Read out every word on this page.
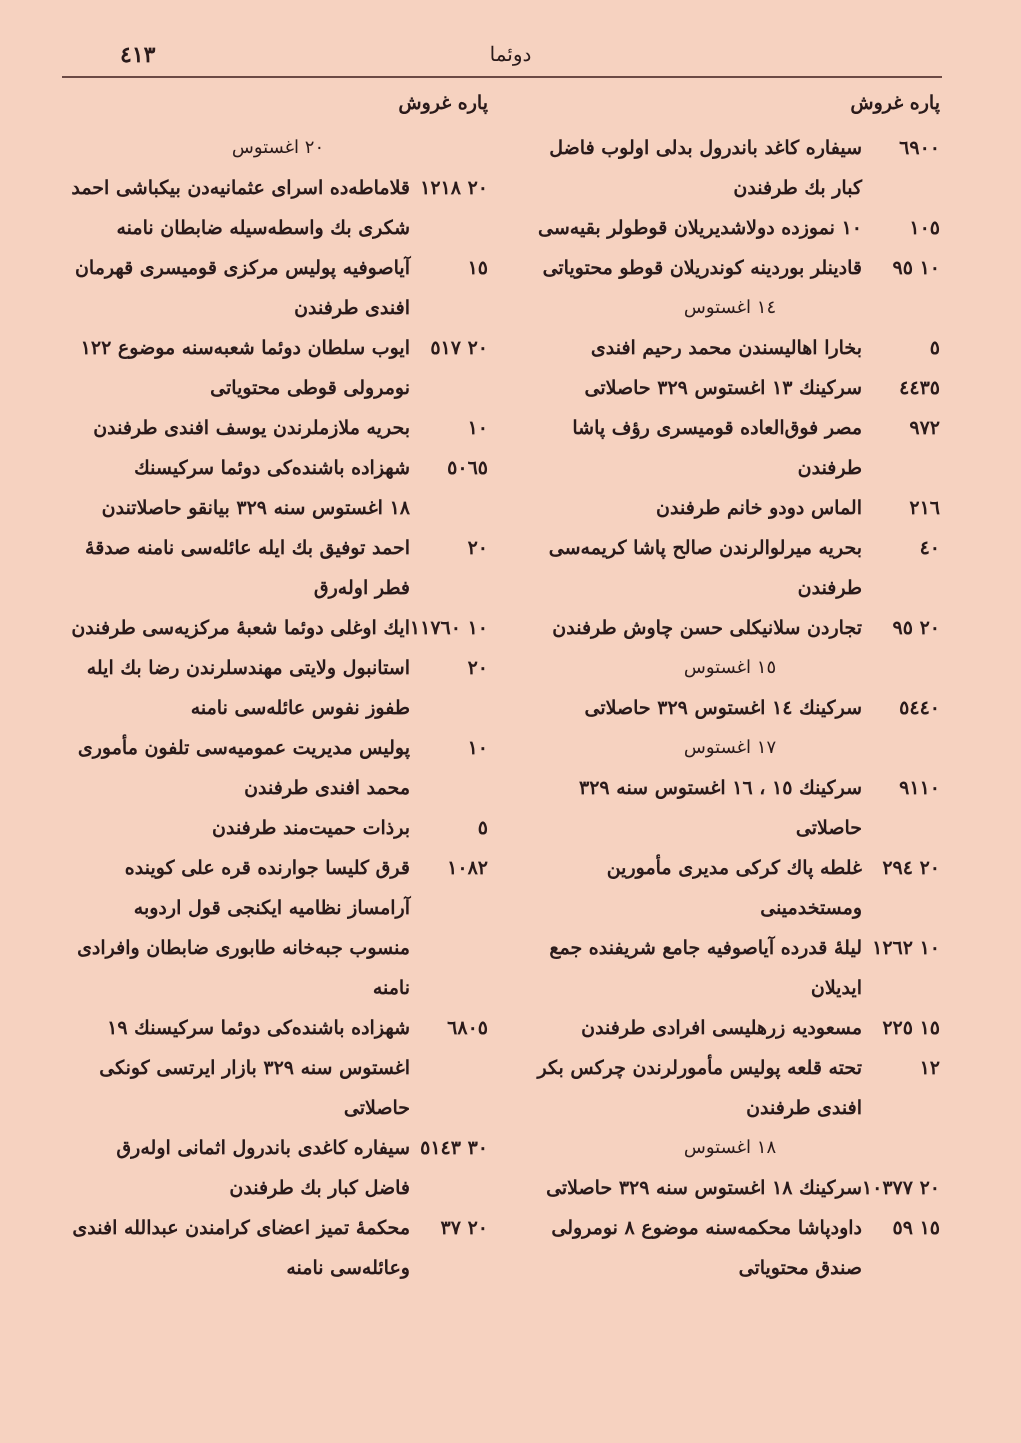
٤١٣	دوئما
پاره غروش
٦٩٠٠
سیفاره کاغد باندرول بدلی اولوب فاضل کبار بك طرفندن
١٠٥
١٠ نموزده دولاشدیریلان قوطولر بقیه‌سی
١٠ ٩٥
قادینلر بوردینه کوندریلان قوطو محتویاتی
١٤ اغستوس
٥
بخارا اهالیسندن محمد رحیم افندی
٤٤٣٥
سرکینك ١٣ اغستوس ٣٢٩ حاصلاتی
٩٧٢
مصر فوق‌العاده قومیسری رؤف پاشا طرفندن
٢١٦
الماس دودو خانم طرفندن
٤٠
بحریه میرلوالرندن صالح پاشا کریمه‌سی طرفندن
٢٠ ٩٥
تجاردن سلانیکلی حسن چاوش طرفندن
١٥ اغستوس
٥٤٤٠
سرکینك ١٤ اغستوس ٣٢٩ حاصلاتی
١٧ اغستوس
٩١١٠
سرکینك ١٥ ، ١٦ اغستوس سنه ٣٢٩ حاصلاتی
٢٠ ٢٩٤
غلطه پاك كركی مدیری مأمورین ومستخدمینی
١٠ ١٢٦٢
لیلهٔ قدرده آیاصوفیه جامع شریفنده جمع ایدیلان
١٥ ٢٢٥
مسعودیه زرهلیسی افرادی طرفندن
١٢
تحته قلعه پولیس مأمورلرندن چرکس بکر افندی طرفندن
١٨ اغستوس
٢٠ ١٠٣٧٧
سرکینك ١٨ اغستوس سنه ٣٢٩ حاصلاتی
١٥ ٥٩
داودپاشا محکمه‌سنه موضوع ٨ نومرولی صندق محتویاتی
پاره غروش
٢٠ اغستوس
٢٠ ١٢١٨
قلاماطه‌ده اسرای عثمانیه‌دن بیکباشی احمد شکری بك واسطه‌سیله ضابطان نامنه
١٥
آیاصوفیه پولیس مرکزی قومیسری قهرمان افندی طرفندن
٢٠ ٥١٧
ایوب سلطان دوئما شعبه‌سنه موضوع ١٢٢ نومرولی قوطی محتویاتی
١٠
بحریه ملازملرندن یوسف افندی طرفندن
٥٠٦٥
شهزاده باشنده‌کی دوئما سرکیسنك
١٨ اغستوس سنه ٣٢٩ بیانقو حاصلاتندن
٢٠
احمد توفیق بك ایله عائله‌سی نامنه صدقهٔ فطر اوله‌رق
١٠ ١١٧٦٠
ایك اوغلی دوئما شعبهٔ مرکزیه‌سی طرفندن
٢٠
استانبول ولایتی مهندسلرندن رضا بك ایله طفوز نفوس عائله‌سی نامنه
١٠
پولیس مدیریت عمومیه‌سی تلفون مأموری محمد افندی طرفندن
٥
برذات حمیت‌مند طرفندن
١٠٨٢
قرق کلیسا جوارنده قره علی کوینده آرامساز نظامیه ایکنجی قول اردوبه منسوب جبه‌خانه طابوری ضابطان وافرادی نامنه
٦٨٠٥
شهزاده باشنده‌کی دوئما سرکیسنك ١٩ اغستوس سنه ٣٢٩ بازار ایرتسی کونکی حاصلاتی
٣٠ ٥١٤٣
سیفاره کاغدی باندرول اثمانی اوله‌رق فاضل کبار بك طرفندن
٢٠ ٣٧
محکمهٔ تمیز اعضای کرامندن عبدالله افندی وعائله‌سی نامنه
